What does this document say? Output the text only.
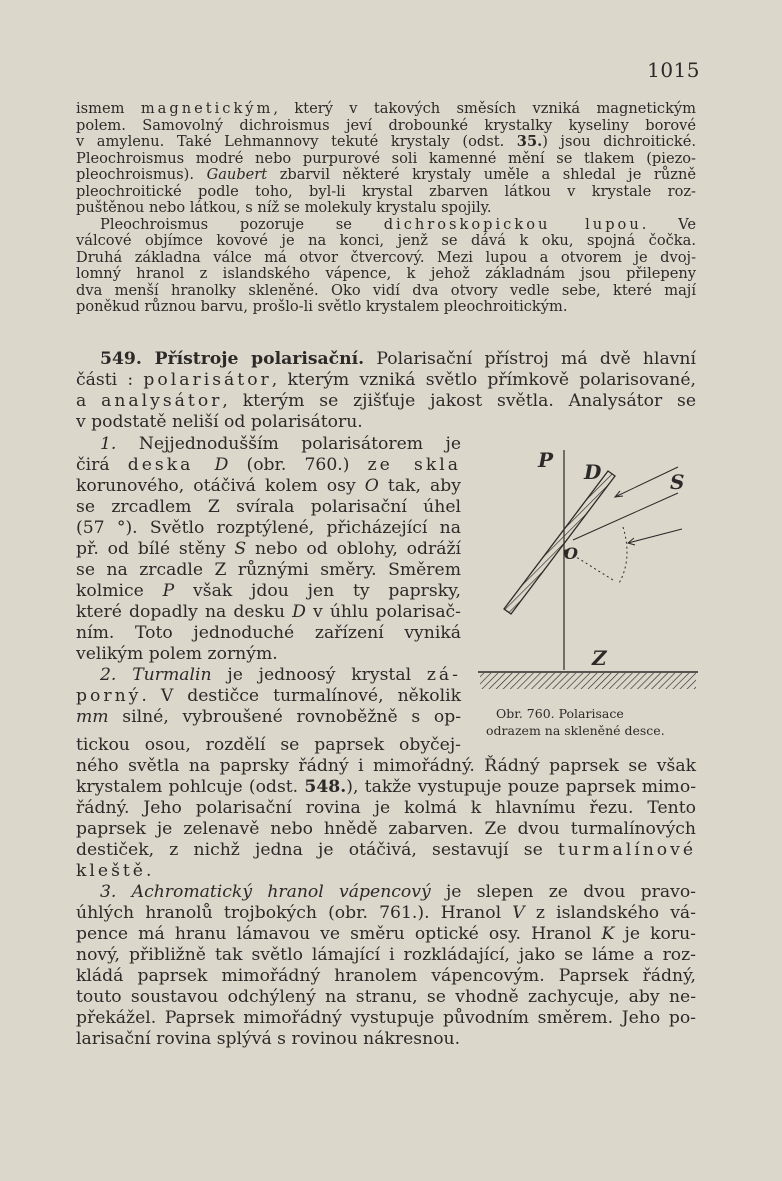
1015
ismem magnetickým, který v takových směsích vzniká magnetickým
polem. Samovolný dichroismus jeví drobounké krystalky kyseliny borové
v amylenu. Také Lehmannovy tekuté krystaly (odst. 35.) jsou dichroitické.
Pleochroismus modré nebo purpurové soli kamenné mění se tlakem (piezo-
pleochroismus). Gaubert zbarvil některé krystaly uměle a shledal je různě
pleochroitické podle toho, byl-li krystal zbarven látkou v krystale roz-
puštěnou nebo látkou, s níž se molekuly krystalu spojily.
Pleochroismus pozoruje se dichroskopickou lupou. Ve
válcové objímce kovové je na konci, jenž se dává k oku, spojná čočka.
Druhá základna válce má otvor čtvercový. Mezi lupou a otvorem je dvoj-
lomný hranol z islandského vápence, k jehož základnám jsou přilepeny
dva menší hranolky skleněné. Oko vidí dva otvory vedle sebe, které mají
poněkud různou barvu, prošlo-li světlo krystalem pleochroitickým.
549. Přístroje polarisační. Polarisační přístroj má dvě hlavní
části : polarisátor, kterým vzniká světlo přímkově polarisované,
a analysátor, kterým se zjišťuje jakost světla. Analysátor se
v podstatě neliší od polarisátoru.
1. Nejjednodušším polarisátorem je
čirá deska D (obr. 760.) ze skla
korunového, otáčivá kolem osy O tak, aby
se zrcadlem Z svírala polarisační úhel
(57 °). Světlo rozptýlené, přicházející na
př. od bílé stěny S nebo od oblohy, odráží
se na zrcadle Z různými směry. Směrem
kolmice P však jdou jen ty paprsky,
které dopadly na desku D v úhlu polarisač-
ním. Toto jednoduché zařízení vyniká
velikým polem zorným.
2. Turmalin je jednoosý krystal zá-
porný. V destičce turmalínové, několik
mm silné, vybroušené rovnoběžně s op-
tickou osou, rozdělí se paprsek obyčej-
ného světla na paprsky řádný i mimořádný. Řádný paprsek se však
krystalem pohlcuje (odst. 548.), takže vystupuje pouze paprsek mimo-
řádný. Jeho polarisační rovina je kolmá k hlavnímu řezu. Tento
paprsek je zelenavě nebo hnědě zabarven. Ze dvou turmalínových
destiček, z nichž jedna je otáčivá, sestavují se turmalínové
kleště.
3. Achromatický hranol vápencový je slepen ze dvou pravo-
úhlých hranolů trojbokých (obr. 761.). Hranol V z islandského vá-
pence má hranu lámavou ve směru optické osy. Hranol K je koru-
nový, přibližně tak světlo lámající i rozkládající, jako se láme a roz-
kládá paprsek mimořádný hranolem vápencovým. Paprsek řádný,
touto soustavou odchýlený na stranu, se vhodně zachycuje, aby ne-
překážel. Paprsek mimořádný vystupuje původním směrem. Jeho po-
larisační rovina splývá s rovinou nákresnou.
P D	S
O
Z
Obr. 760. Polarisace
odrazem na skleněné desce.
